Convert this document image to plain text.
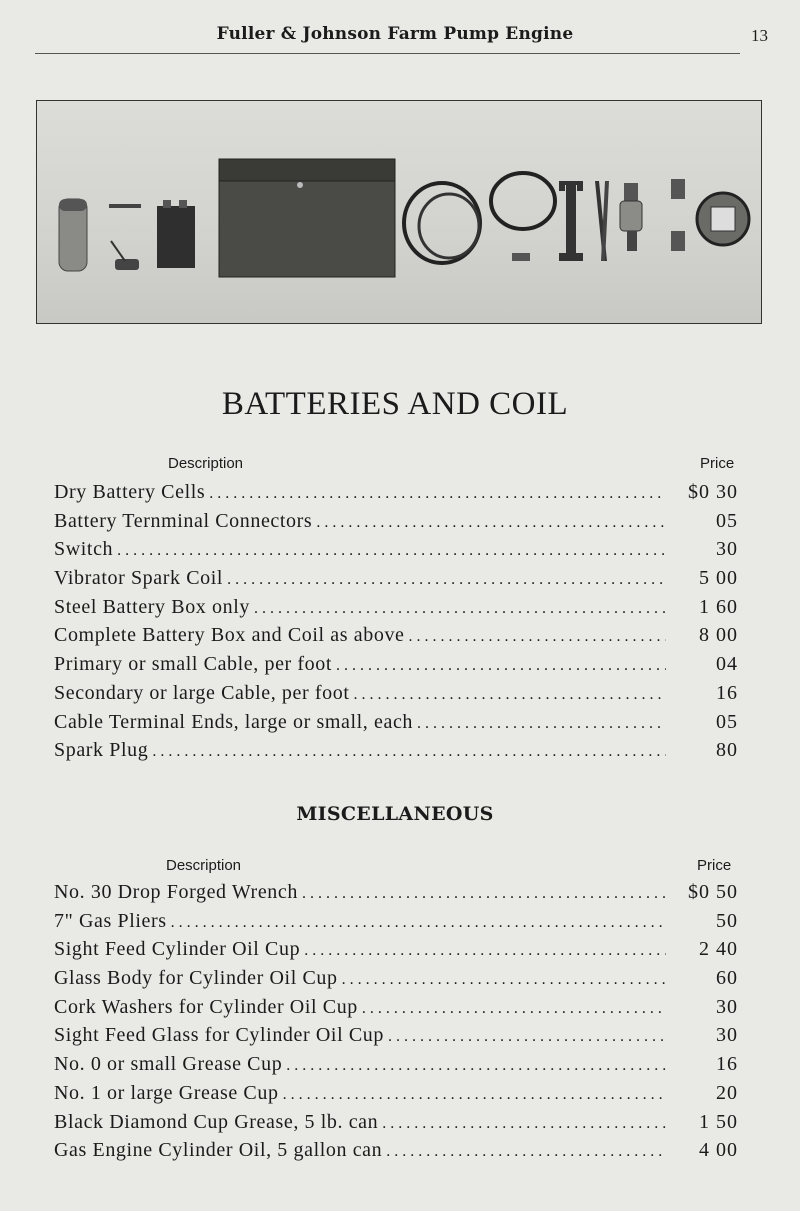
Fuller & Johnson Farm Pump Engine	13
BATTERIES AND COIL
Description	Price
Dry Battery Cells . . .	$0 30
Battery Ternminal Connectors . . .	05
Switch . . .	30
Vibrator Spark Coil . . .	5 00
Steel Battery Box only . . .	1 60
Complete Battery Box and Coil as above . . .	8 00
Primary or small Cable, per foot . . .	04
Secondary or large Cable, per foot . . .	16
Cable Terminal Ends, large or small, each . . .	05
Spark Plug . . .	80
MISCELLANEOUS
Description	Price
No. 30 Drop Forged Wrench . . .	$0 50
7" Gas Pliers . . .	50
Sight Feed Cylinder Oil Cup . . .	2 40
Glass Body for Cylinder Oil Cup . . .	60
Cork Washers for Cylinder Oil Cup . . .	30
Sight Feed Glass for Cylinder Oil Cup . . .	30
No. 0 or small Grease Cup . . .	16
No. 1 or large Grease Cup . . .	20
Black Diamond Cup Grease, 5 lb. can . . .	1 50
Gas Engine Cylinder Oil, 5 gallon can . . .	4 00
